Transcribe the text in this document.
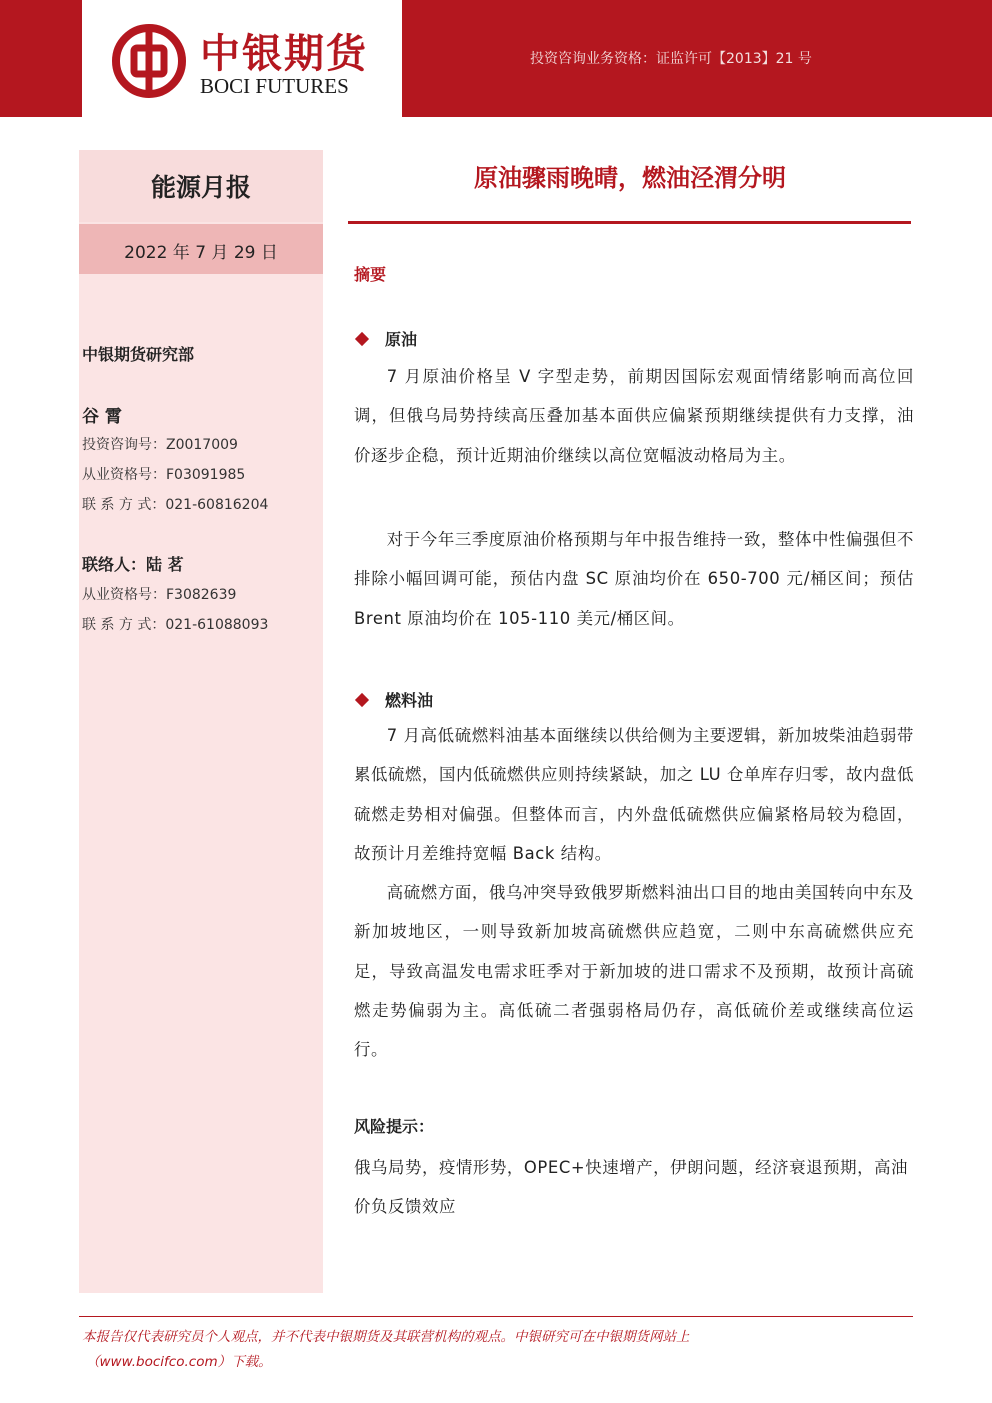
中银期货
BOCI FUTURES
投资咨询业务资格：证监许可【2013】21 号
能源月报
2022 年 7 月 29 日
中银期货研究部
谷 霄
投资咨询号：Z0017009
从业资格号：F03091985
联 系 方 式：021-60816204
联络人：陆 茗
从业资格号：F3082639
联 系 方 式：021-61088093
原油骤雨晚晴，燃油泾渭分明
摘要
原油
7 月原油价格呈 V 字型走势，前期因国际宏观面情绪影响而高位回调，但俄乌局势持续高压叠加基本面供应偏紧预期继续提供有力支撑，油价逐步企稳，预计近期油价继续以高位宽幅波动格局为主。
对于今年三季度原油价格预期与年中报告维持一致，整体中性偏强但不排除小幅回调可能，预估内盘 SC 原油均价在 650-700 元/桶区间；预估 Brent 原油均价在 105-110 美元/桶区间。
燃料油
7 月高低硫燃料油基本面继续以供给侧为主要逻辑，新加坡柴油趋弱带累低硫燃，国内低硫燃供应则持续紧缺，加之 LU 仓单库存归零，故内盘低硫燃走势相对偏强。但整体而言，内外盘低硫燃供应偏紧格局较为稳固，故预计月差维持宽幅 Back 结构。
高硫燃方面，俄乌冲突导致俄罗斯燃料油出口目的地由美国转向中东及新加坡地区，一则导致新加坡高硫燃供应趋宽，二则中东高硫燃供应充足，导致高温发电需求旺季对于新加坡的进口需求不及预期，故预计高硫燃走势偏弱为主。高低硫二者强弱格局仍存，高低硫价差或继续高位运行。
风险提示：
俄乌局势，疫情形势，OPEC+快速增产，伊朗问题，经济衰退预期，高油价负反馈效应
本报告仅代表研究员个人观点，并不代表中银期货及其联营机构的观点。中银研究可在中银期货网站上
（www.bocifco.com）下载。
